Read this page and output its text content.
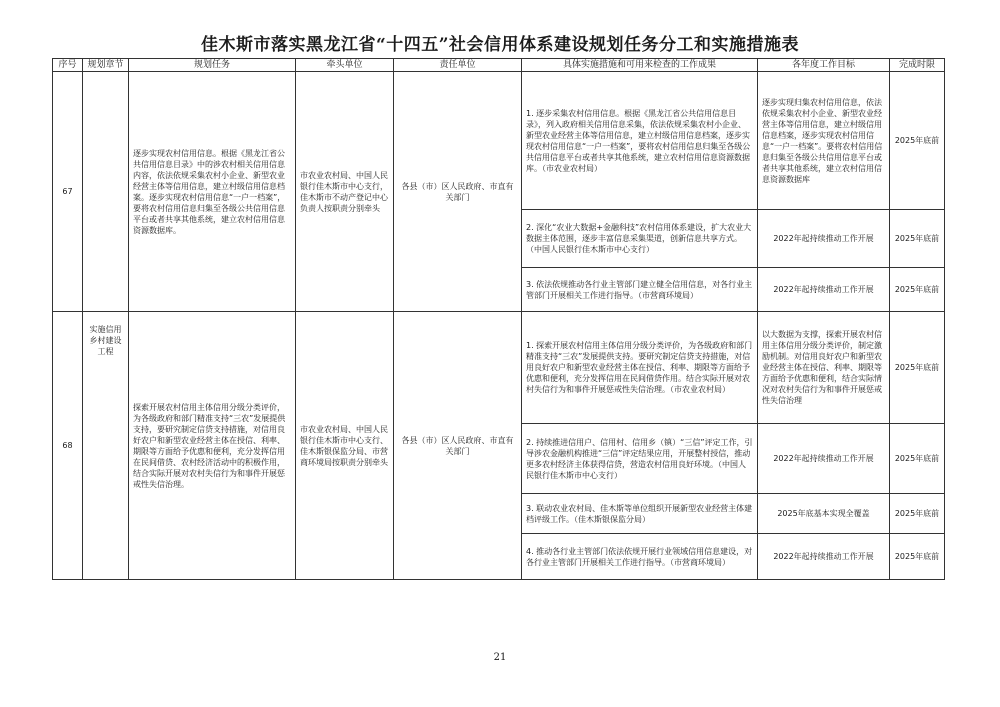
佳木斯市落实黑龙江省“十四五”社会信用体系建设规划任务分工和实施措施表
序号	规划章节	规划任务	牵头单位	责任单位	具体实施措施和可用来检查的工作成果	各年度工作目标	完成时限
67		逐步实现农村信用信息。根据《黑龙江省公共信用信息目录》中的涉农村相关信用信息内容，依法依规采集农村小企业、新型农业经营主体等信用信息，建立村级信用信息档案。逐步实现农村信用信息“一户一档案”，要将农村信用信息归集至各级公共信用信息平台或者共享其他系统，建立农村信用信息资源数据库。	市农业农村局、中国人民银行佳木斯市中心支行，佳木斯市不动产登记中心负责人按职责分别牵头	各县（市）区人民政府、市直有关部门	1. 逐步采集农村信用信息。根据《黑龙江省公共信用信息目录》，列入政府相关信用信息采集，依法依规采集农村小企业、新型农业经营主体等信用信息，建立村级信用信息档案，逐步实现农村信用信息“一户一档案”，要将农村信用信息归集至各级公共信用信息平台或者共享其他系统，建立农村信用信息资源数据库。（市农业农村局）	逐步实现归集农村信用信息，依法依规采集农村小企业、新型农业经营主体等信用信息，建立村级信用信息档案，逐步实现农村信用信息“一户一档案”。要将农村信用信息归集至各级公共信用信息平台或者共享其他系统，建立农村信用信息资源数据库	2025年底前
					2. 深化“农业大数据+金融科技”农村信用体系建设，扩大农业大数据主体范围，逐步丰富信息采集渠道，创新信息共享方式。（中国人民银行佳木斯市中心支行）	2022年起持续推动工作开展	2025年底前
					3. 依法依规推动各行业主管部门建立健全信用信息，对各行业主管部门开展相关工作进行指导。（市营商环境局）	2022年起持续推动工作开展	2025年底前
68	实施信用乡村建设工程	探索开展农村信用主体信用分级分类评价，为各级政府和部门精准支持“三农”发展提供支持，要研究制定信贷支持措施，对信用良好农户和新型农业经营主体在授信、利率、期限等方面给予优惠和便利，充分发挥信用在民间借贷、农村经济活动中的积极作用，结合实际开展对农村失信行为和事件开展惩戒性失信治理。	市农业农村局、中国人民银行佳木斯市中心支行、佳木斯银保监分局、市营商环境局按职责分别牵头	各县（市）区人民政府、市直有关部门	1. 探索开展农村信用主体信用分级分类评价，为各级政府和部门精准支持“三农”发展提供支持。要研究制定信贷支持措施，对信用良好农户和新型农业经营主体在授信、利率、期限等方面给予优惠和便利，充分发挥信用在民间借贷作用。结合实际开展对农村失信行为和事件开展惩戒性失信治理。（市农业农村局）	以大数据为支撑，探索开展农村信用主体信用分级分类评价，制定激励机制。对信用良好农户和新型农业经营主体在授信、利率、期限等方面给予优惠和便利，结合实际情况对农村失信行为和事件开展惩戒性失信治理	2025年底前
					2. 持续推进信用户、信用村、信用乡（镇）“三信”评定工作，引导涉农金融机构推进“三信”评定结果应用，开展整村授信，推动更多农村经济主体获得信贷，营造农村信用良好环境。（中国人民银行佳木斯市中心支行）	2022年起持续推动工作开展	2025年底前
					3. 联动农业农村局、佳木斯等单位组织开展新型农业经营主体建档评级工作。（佳木斯银保监分局）	2025年底基本实现全覆盖	2025年底前
					4. 推动各行业主管部门依法依规开展行业领域信用信息建设，对各行业主管部门开展相关工作进行指导。（市营商环境局）	2022年起持续推动工作开展	2025年底前
21
